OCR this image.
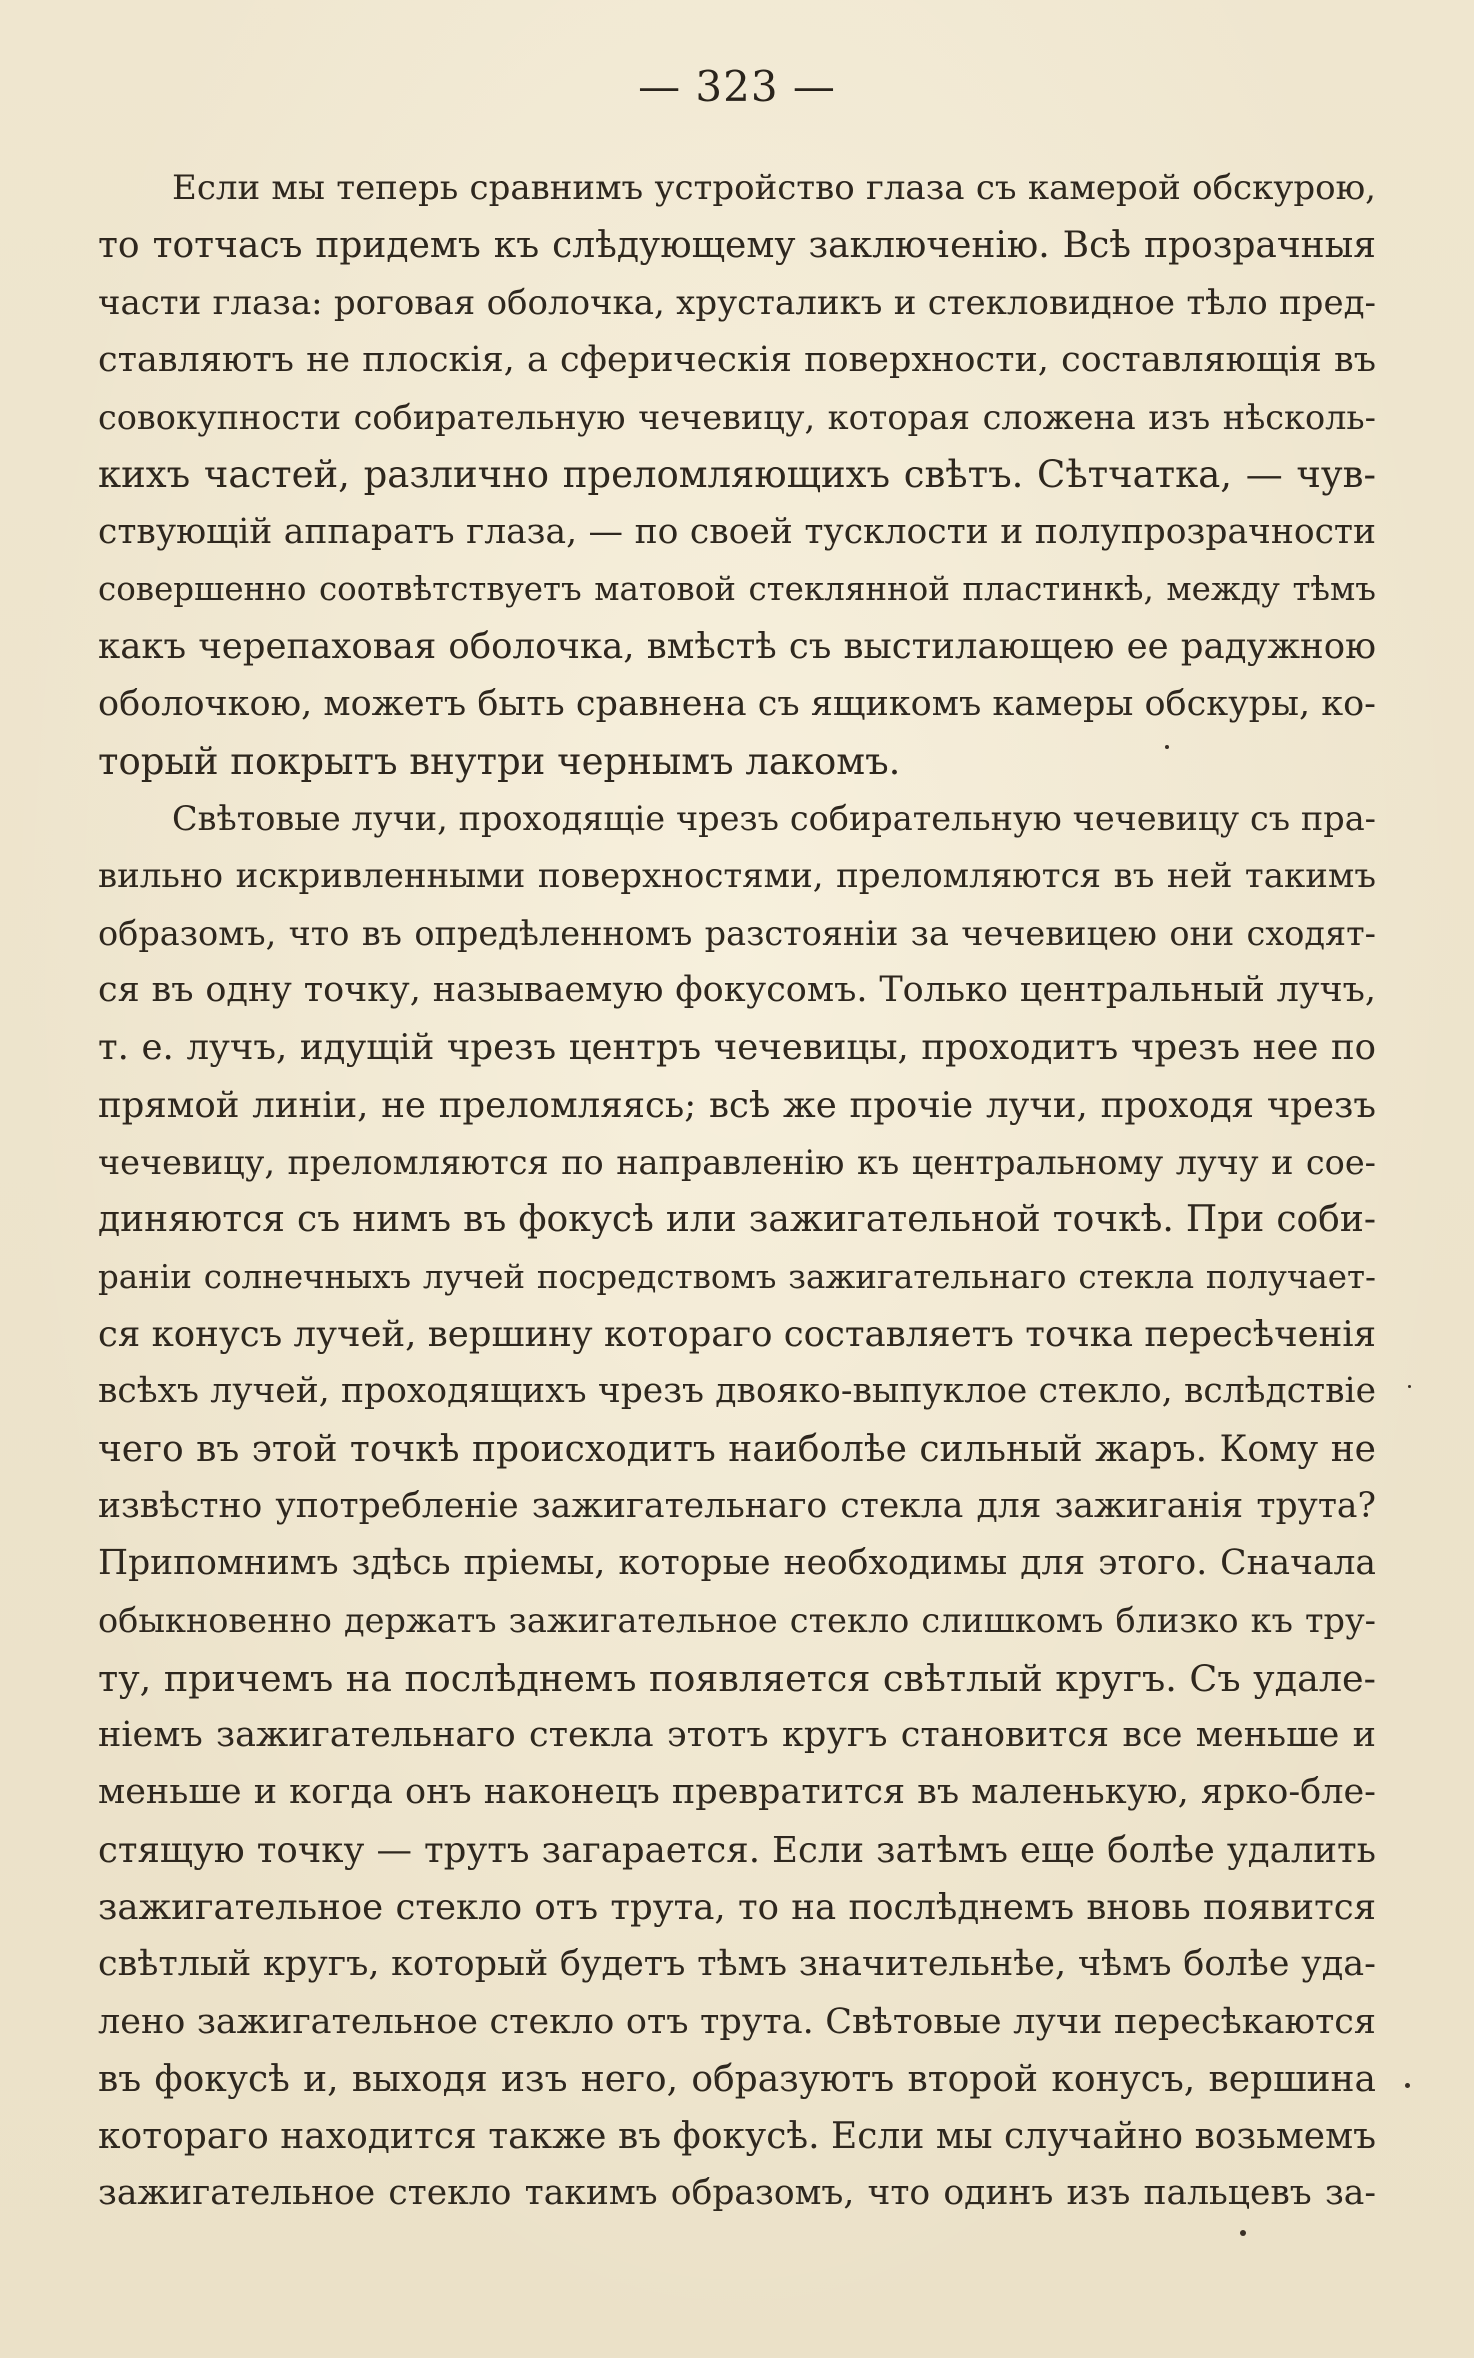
— 323 —
Если мы теперь сравнимъ устройство глаза съ камерой обскурою,
то тотчасъ придемъ къ слѣдующему заключенію. Всѣ прозрачныя
части глаза: роговая оболочка, хрусталикъ и стекловидное тѣло пред-
ставляютъ не плоскія, а сферическія поверхности, составляющія въ
совокупности собирательную чечевицу, которая сложена изъ нѣсколь-
кихъ частей, различно преломляющихъ свѣтъ. Сѣтчатка, — чув-
ствующій аппаратъ глаза, — по своей тусклости и полупрозрачности
совершенно соотвѣтствуетъ матовой стеклянной пластинкѣ, между тѣмъ
какъ черепаховая оболочка, вмѣстѣ съ выстилающею ее радужною
оболочкою, можетъ быть сравнена съ ящикомъ камеры обскуры, ко-
торый покрытъ внутри чернымъ лакомъ.
Свѣтовые лучи, проходящіе чрезъ собирательную чечевицу съ пра-
вильно искривленными поверхностями, преломляются въ ней такимъ
образомъ, что въ опредѣленномъ разстояніи за чечевицею они сходят-
ся въ одну точку, называемую фокусомъ. Только центральный лучъ,
т. е. лучъ, идущій чрезъ центръ чечевицы, проходитъ чрезъ нее по
прямой линіи, не преломляясь; всѣ же прочіе лучи, проходя чрезъ
чечевицу, преломляются по направленію къ центральному лучу и сое-
диняются съ нимъ въ фокусѣ или зажигательной точкѣ. При соби-
раніи солнечныхъ лучей посредствомъ зажигательнаго стекла получает-
ся конусъ лучей, вершину котораго составляетъ точка пересѣченія
всѣхъ лучей, проходящихъ чрезъ двояко-выпуклое стекло, вслѣдствіе
чего въ этой точкѣ происходитъ наиболѣе сильный жаръ. Кому не
извѣстно употребленіе зажигательнаго стекла для зажиганія трута?
Припомнимъ здѣсь пріемы, которые необходимы для этого. Сначала
обыкновенно держатъ зажигательное стекло слишкомъ близко къ тру-
ту, причемъ на послѣднемъ появляется свѣтлый кругъ. Съ удале-
ніемъ зажигательнаго стекла этотъ кругъ становится все меньше и
меньше и когда онъ наконецъ превратится въ маленькую, ярко-бле-
стящую точку — трутъ загарается. Если затѣмъ еще болѣе удалить
зажигательное стекло отъ трута, то на послѣднемъ вновь появится
свѣтлый кругъ, который будетъ тѣмъ значительнѣе, чѣмъ болѣе уда-
лено зажигательное стекло отъ трута. Свѣтовые лучи пересѣкаются
въ фокусѣ и, выходя изъ него, образуютъ второй конусъ, вершина
котораго находится также въ фокусѣ. Если мы случайно возьмемъ
зажигательное стекло такимъ образомъ, что одинъ изъ пальцевъ за-
